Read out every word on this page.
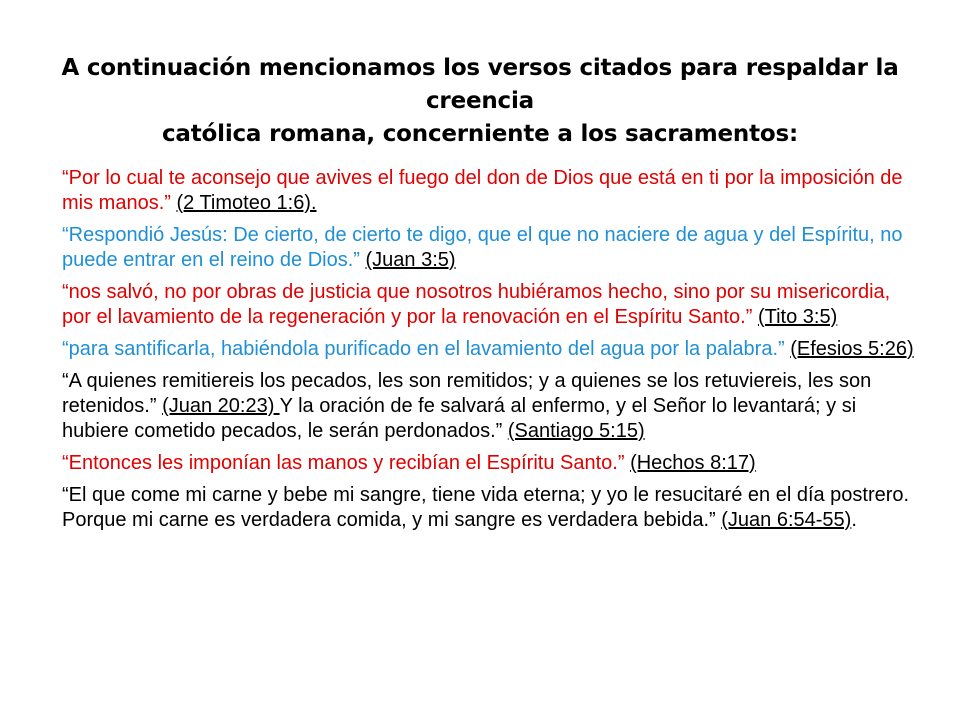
A continuación mencionamos los versos citados para respaldar la creencia
católica romana, concerniente a los sacramentos:

“Por lo cual te aconsejo que avives el fuego del don de Dios que está en ti por la imposición de mis manos.” (2 Timoteo 1:6).

“Respondió Jesús: De cierto, de cierto te digo, que el que no naciere de agua y del Espíritu, no puede entrar en el reino de Dios.” (Juan 3:5)

“nos salvó, no por obras de justicia que nosotros hubiéramos hecho, sino por su misericordia, por el lavamiento de la regeneración y por la renovación en el Espíritu Santo.” (Tito 3:5)

“para santificarla, habiéndola purificado en el lavamiento del agua por la palabra.” (Efesios 5:26)

“A quienes remitiereis los pecados, les son remitidos; y a quienes se los retuviereis, les son retenidos.” (Juan 20:23) Y la oración de fe salvará al enfermo, y el Señor lo levantará; y si hubiere cometido pecados, le serán perdonados.” (Santiago 5:15)

“Entonces les imponían las manos y recibían el Espíritu Santo.” (Hechos 8:17)

“El que come mi carne y bebe mi sangre, tiene vida eterna; y yo le resucitaré en el día postrero. Porque mi carne es verdadera comida, y mi sangre es verdadera bebida.” (Juan 6:54-55).
